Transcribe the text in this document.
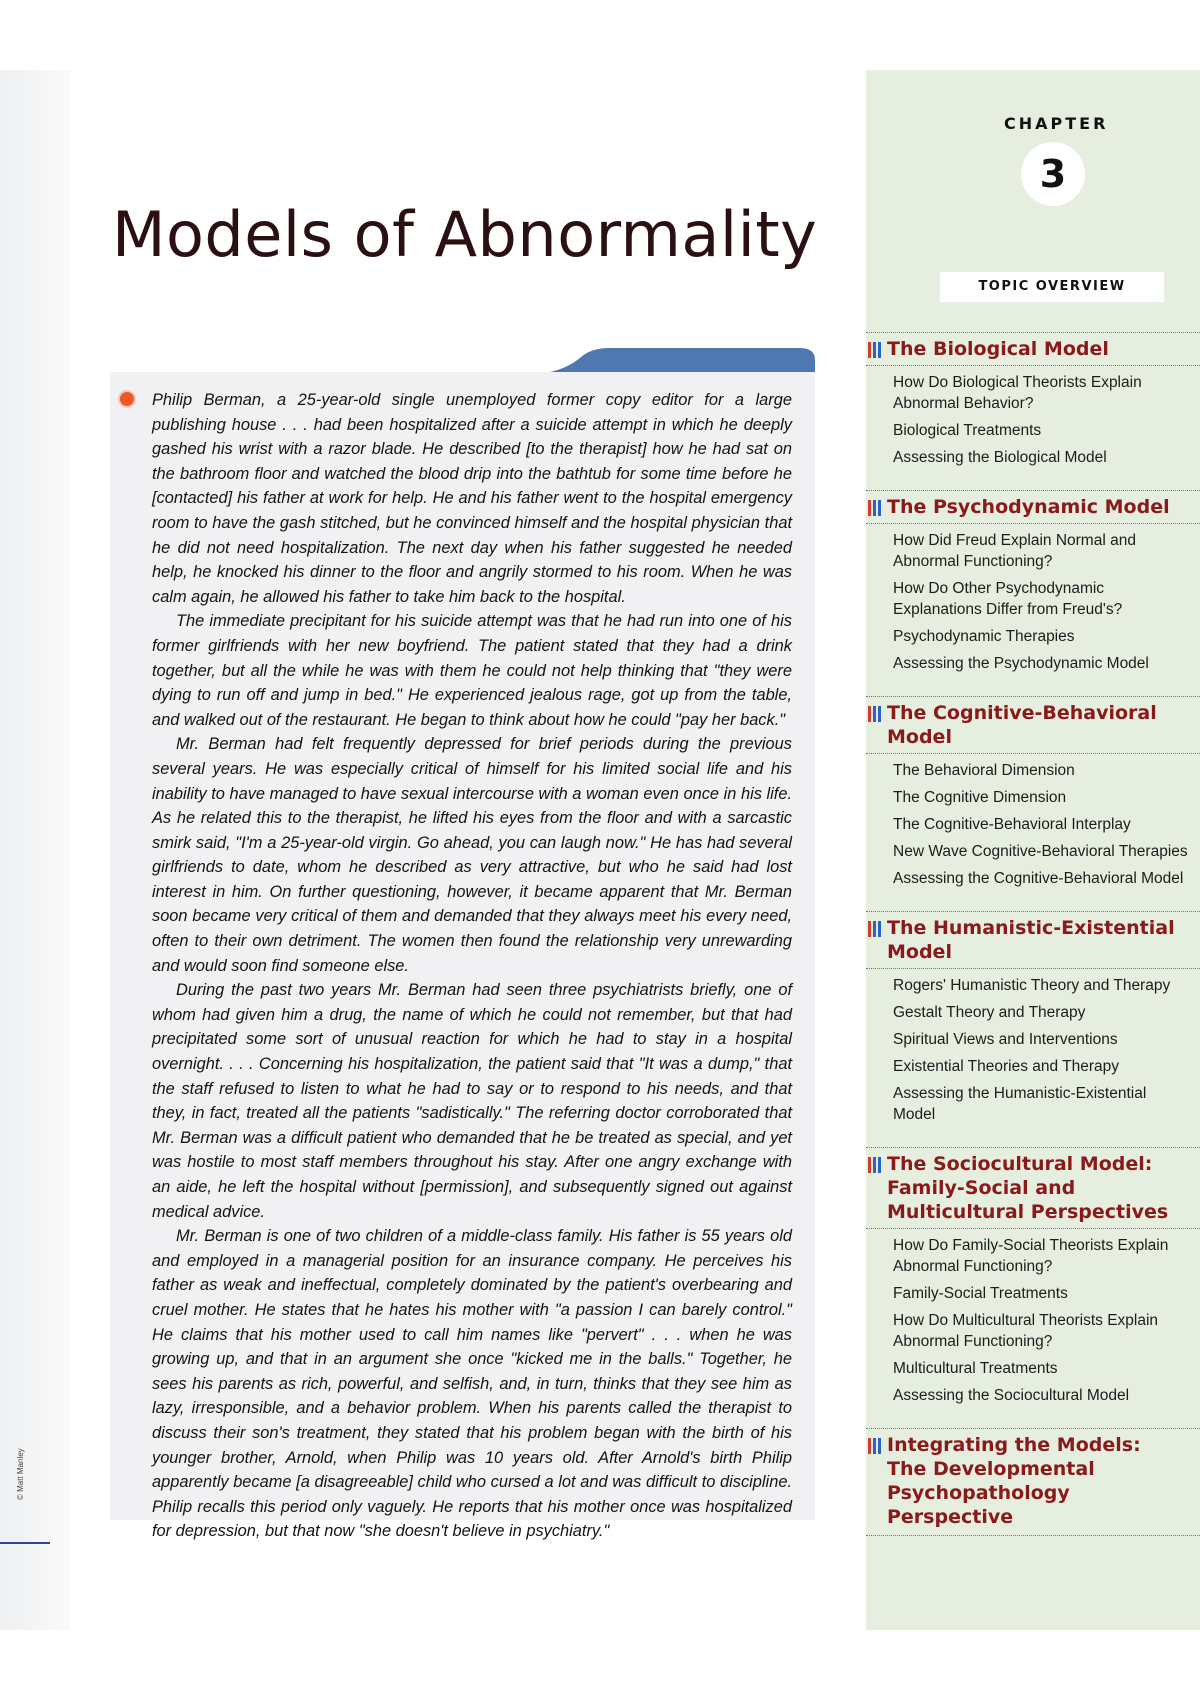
Models of Abnormality

Philip Berman, a 25-year-old single unemployed former copy editor for a large publishing house . . . had been hospitalized after a suicide attempt in which he deeply gashed his wrist with a razor blade. He described [to the therapist] how he had sat on the bathroom floor and watched the blood drip into the bathtub for some time before he [contacted] his father at work for help. He and his father went to the hospital emergency room to have the gash stitched, but he convinced himself and the hospital physician that he did not need hospitalization. The next day when his father suggested he needed help, he knocked his dinner to the floor and angrily stormed to his room. When he was calm again, he allowed his father to take him back to the hospital.

The immediate precipitant for his suicide attempt was that he had run into one of his former girlfriends with her new boyfriend. The patient stated that they had a drink together, but all the while he was with them he could not help thinking that "they were dying to run off and jump in bed." He experienced jealous rage, got up from the table, and walked out of the restaurant. He began to think about how he could "pay her back."

Mr. Berman had felt frequently depressed for brief periods during the previous several years. He was especially critical of himself for his limited social life and his inability to have managed to have sexual intercourse with a woman even once in his life. As he related this to the therapist, he lifted his eyes from the floor and with a sarcastic smirk said, "I'm a 25-year-old virgin. Go ahead, you can laugh now." He has had several girlfriends to date, whom he described as very attractive, but who he said had lost interest in him. On further questioning, however, it became apparent that Mr. Berman soon became very critical of them and demanded that they always meet his every need, often to their own detriment. The women then found the relationship very unrewarding and would soon find someone else.

During the past two years Mr. Berman had seen three psychiatrists briefly, one of whom had given him a drug, the name of which he could not remember, but that had precipitated some sort of unusual reaction for which he had to stay in a hospital overnight. . . . Concerning his hospitalization, the patient said that "It was a dump," that the staff refused to listen to what he had to say or to respond to his needs, and that they, in fact, treated all the patients "sadistically." The referring doctor corroborated that Mr. Berman was a difficult patient who demanded that he be treated as special, and yet was hostile to most staff members throughout his stay. After one angry exchange with an aide, he left the hospital without [permission], and subsequently signed out against medical advice.

Mr. Berman is one of two children of a middle-class family. His father is 55 years old and employed in a managerial position for an insurance company. He perceives his father as weak and ineffectual, completely dominated by the patient's overbearing and cruel mother. He states that he hates his mother with "a passion I can barely control." He claims that his mother used to call him names like "pervert" . . . when he was growing up, and that in an argument she once "kicked me in the balls." Together, he sees his parents as rich, powerful, and selfish, and, in turn, thinks that they see him as lazy, irresponsible, and a behavior problem. When his parents called the therapist to discuss their son's treatment, they stated that his problem began with the birth of his younger brother, Arnold, when Philip was 10 years old. After Arnold's birth Philip apparently became [a disagreeable] child who cursed a lot and was difficult to discipline. Philip recalls this period only vaguely. He reports that his mother once was hospitalized for depression, but that now "she doesn't believe in psychiatry."

CHAPTER
3
TOPIC OVERVIEW
The Biological Model
How Do Biological Theorists Explain Abnormal Behavior?
Biological Treatments
Assessing the Biological Model
The Psychodynamic Model
How Did Freud Explain Normal and Abnormal Functioning?
How Do Other Psychodynamic Explanations Differ from Freud's?
Psychodynamic Therapies
Assessing the Psychodynamic Model
The Cognitive-Behavioral Model
The Behavioral Dimension
The Cognitive Dimension
The Cognitive-Behavioral Interplay
New Wave Cognitive-Behavioral Therapies
Assessing the Cognitive-Behavioral Model
The Humanistic-Existential
Model
Rogers' Humanistic Theory and Therapy
Gestalt Theory and Therapy
Spiritual Views and Interventions
Existential Theories and Therapy
Assessing the Humanistic-Existential Model
The Sociocultural Model:
Family-Social and
Multicultural Perspectives
How Do Family-Social Theorists Explain Abnormal Functioning?
Family-Social Treatments
How Do Multicultural Theorists Explain Abnormal Functioning?
Multicultural Treatments
Assessing the Sociocultural Model
Integrating the Models:
The Developmental
Psychopathology Perspective
© Matt Manley
